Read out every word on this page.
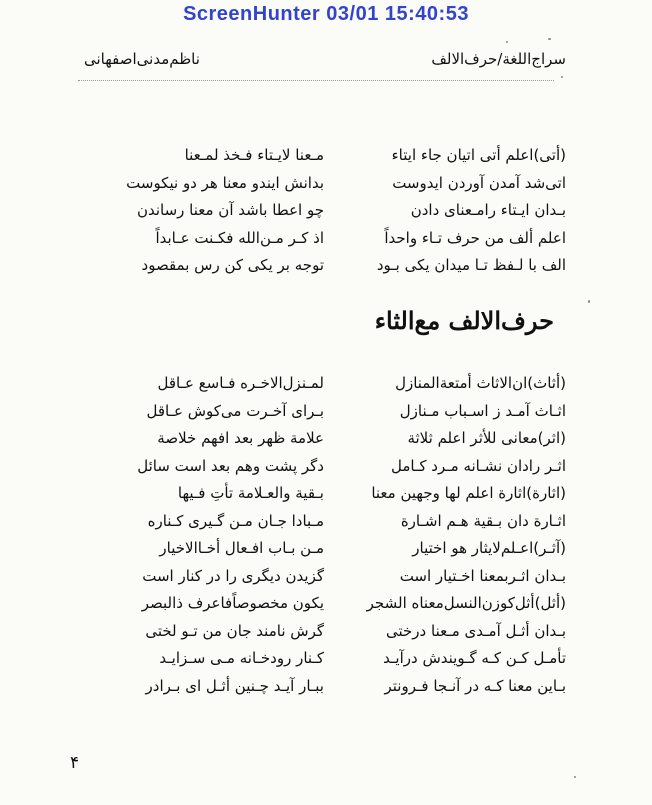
ScreenHunter 03/01 15:40:53
سراج‌اللغة/حرف‌الالف
ناظم‌مدنی‌اصفهانی
(أتی)اعلم أتی اتیان جاء ایتاء
اتی‌شد آمدن آوردن ایدوست
بـدان ایـتاء رامـعنای دادن
اعلم ألف من حرف تـاء واحداً
الف با لـفظ تـا میدان یکی بـود
مـعنا لایـتاء فـخذ لمـعنا
بدانش ایندو معنا هر دو نیکوست
چو اعطا باشد آن معنا رساندن
اذ کـر مـن‌الله فکـنت عـابداً
توجه بر یکی کن رس بمقصود
حرف‌الالف مع‌الثاء
(أثاث)ان‌الاثاث أمتعة‌المنازل
اثـاث آمـد ز اسـباب مـنازل
(اثر)معانی للأثر اعلم ثلاثة
اثـر رادان نشـانه مـرد کـامل
(اثارة)اثارة اعلم لها وجهین معنا
اثـارة دان بـقیة هـم اشـارة
(آثـر)اعـلم‌لایثار هو اختیار
بـدان اثـربمعنا اخـتیار است
(أثل)أثل‌کوزن‌النسل‌معناه الشجر
بـدان أثـل آمـدی مـعنا درختی
تأمـل کـن کـه گـویندش درآیـد
بـاین معنا کـه در آنـجا فـرونتر
لمـنزل‌الاخـره فـاسع عـاقل
بـرای آخـرت می‌کوش عـاقل
علامة ظهر بعد افهم خلاصة
دگر پشت وهم بعد است سائل
بـقیة والعـلامة تأتِ فـیها
مـبادا جـان مـن گـیری کـناره
مـن بـاب افـعال أخـاالاخیار
گزیدن دیگری را در کنار است
یکون مخصوصاًفاعرف ذالبصر
گرش نامند جان من تـو لختی
کـنار رودخـانه مـی سـزایـد
ببـار آیـد چـنین أثـل ای بـرادر
۴
